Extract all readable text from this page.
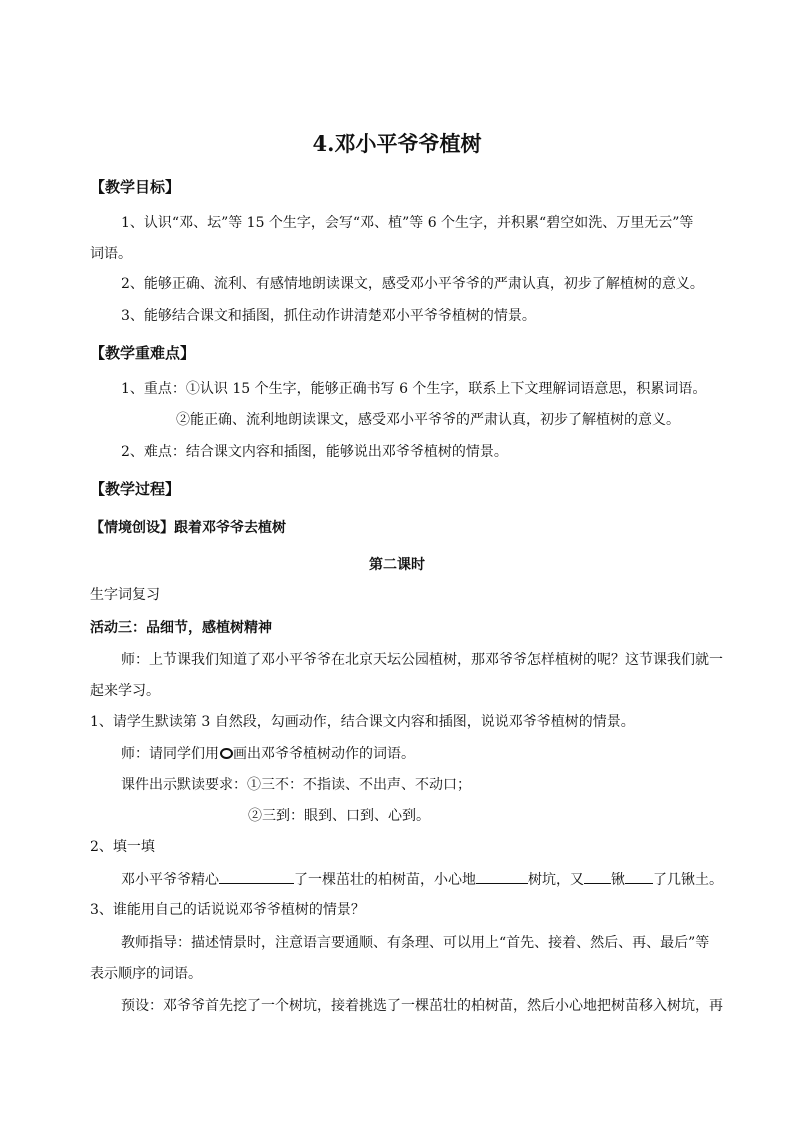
4.邓小平爷爷植树
【教学目标】
1、认识“邓、坛”等 15 个生字，会写“邓、植”等 6 个生字，并积累“碧空如洗、万里无云”等
词语。
2、能够正确、流利、有感情地朗读课文，感受邓小平爷爷的严肃认真，初步了解植树的意义。
3、能够结合课文和插图，抓住动作讲清楚邓小平爷爷植树的情景。
【教学重难点】
1、重点：①认识 15 个生字，能够正确书写 6 个生字，联系上下文理解词语意思，积累词语。
②能正确、流利地朗读课文，感受邓小平爷爷的严肃认真，初步了解植树的意义。
2、难点：结合课文内容和插图，能够说出邓爷爷植树的情景。
【教学过程】
【情境创设】跟着邓爷爷去植树
第二课时
生字词复习
活动三：品细节，感植树精神
师：上节课我们知道了邓小平爷爷在北京天坛公园植树，那邓爷爷怎样植树的呢？这节课我们就一
起来学习。
1、请学生默读第 3 自然段，勾画动作，结合课文内容和插图，说说邓爷爷植树的情景。
师：请同学们用○画出邓爷爷植树动作的词语。
课件出示默读要求：①三不：不指读、不出声、不动口；
②三到：眼到、口到、心到。
2、填一填
邓小平爷爷精心	了一棵茁壮的柏树苗，小心地	树坑，又 锹 了几锹土。
3、谁能用自己的话说说邓爷爷植树的情景？
教师指导：描述情景时，注意语言要通顺、有条理、可以用上“首先、接着、然后、再、最后”等
表示顺序的词语。
预设：邓爷爷首先挖了一个树坑，接着挑选了一棵茁壮的柏树苗，然后小心地把树苗移入树坑，再
